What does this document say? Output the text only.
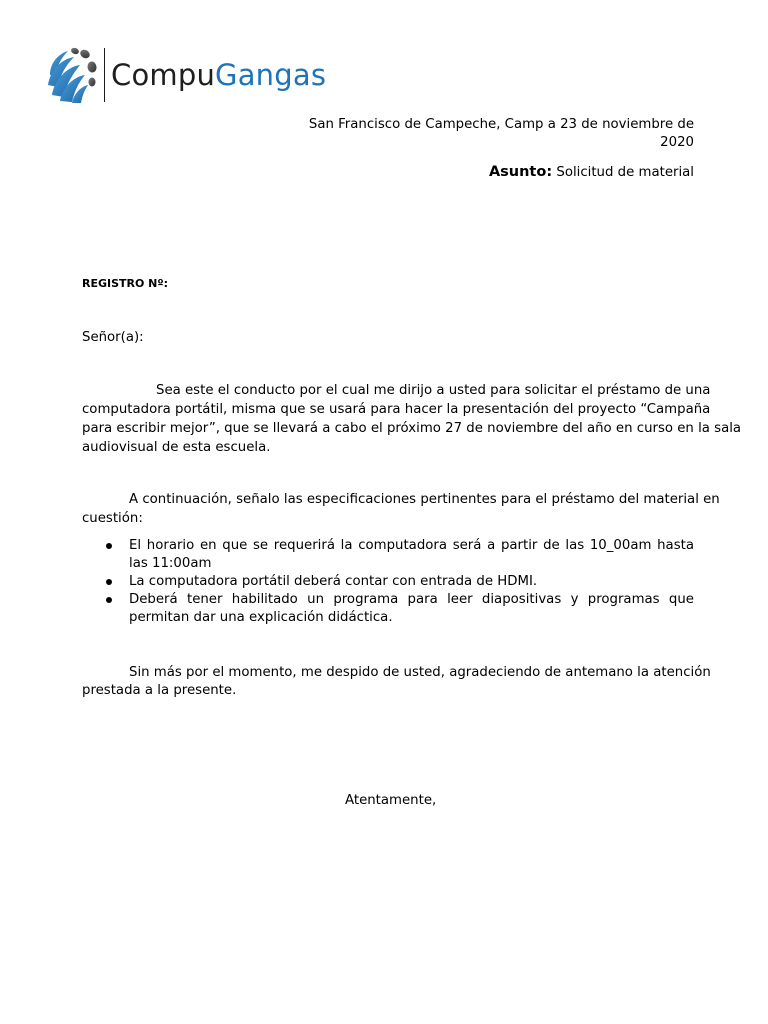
CompuGangas
San Francisco de Campeche, Camp a 23 de noviembre de
2020
Asunto: Solicitud de material
REGISTRO Nº:
Señor(a):
Sea este el conducto por el cual me dirijo a usted para solicitar el préstamo de una
computadora portátil, misma que se usará para hacer la presentación del proyecto “Campaña
para escribir mejor”, que se llevará a cabo el próximo 27 de noviembre del año en curso en la sala
audiovisual de esta escuela.
A continuación, señalo las especificaciones pertinentes para el préstamo del material en
cuestión:
El horario en que se requerirá la computadora será a partir de las 10_00am hasta las 11:00am
La computadora portátil deberá contar con entrada de HDMI.
Deberá tener habilitado un programa para leer diapositivas y programas que permitan dar una explicación didáctica.
Sin más por el momento, me despido de usted, agradeciendo de antemano la atención
prestada a la presente.
Atentamente,
